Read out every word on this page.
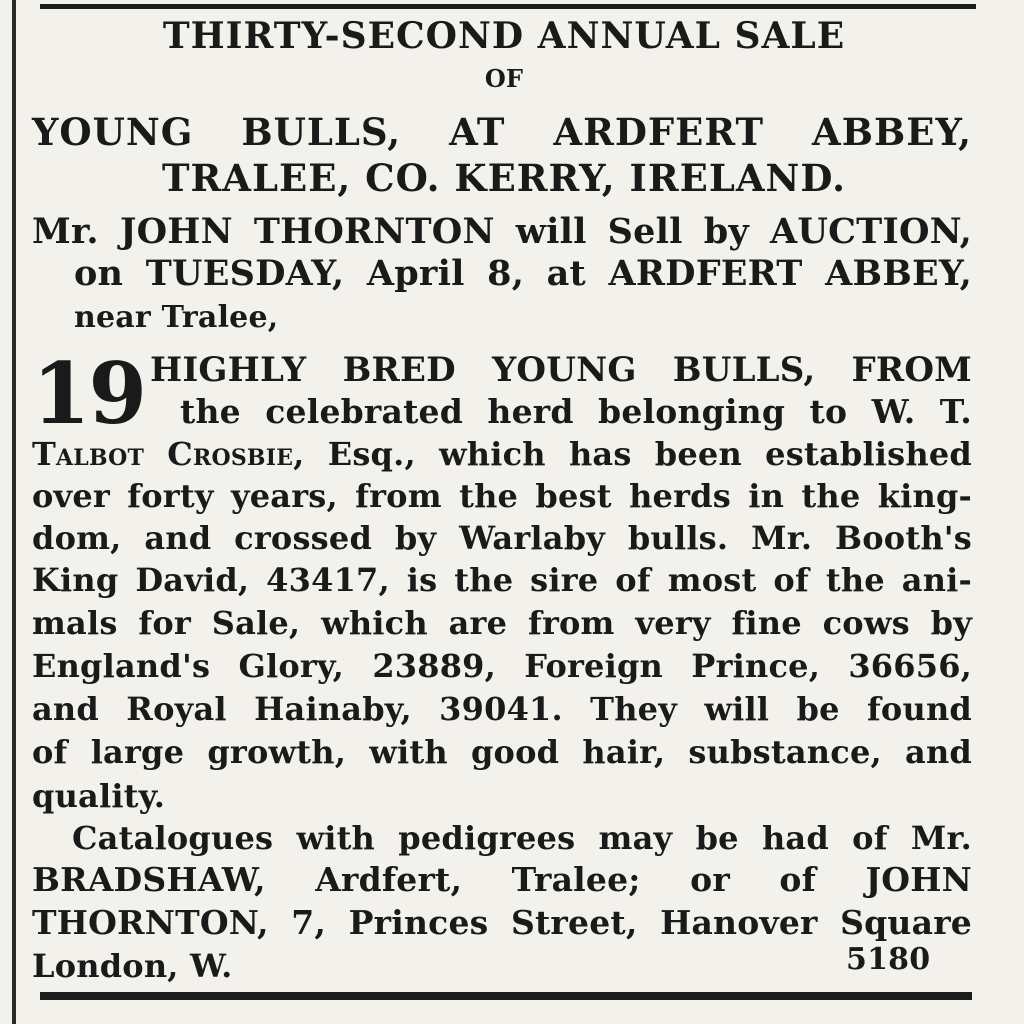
THIRTY-SECOND ANNUAL SALE
OF
YOUNG BULLS, AT ARDFERT ABBEY,
TRALEE, CO. KERRY, IRELAND.
Mr. JOHN THORNTON will Sell by AUCTION,
on TUESDAY, April 8, at ARDFERT ABBEY,
near Tralee,
19 HIGHLY BRED YOUNG BULLS, FROM
the celebrated herd belonging to W. T.
Talbot Crosbie, Esq., which has been established
over forty years, from the best herds in the king-
dom, and crossed by Warlaby bulls. Mr. Booth's
King David, 43417, is the sire of most of the ani-
mals for Sale, which are from very fine cows by
England's Glory, 23889, Foreign Prince, 36656,
and Royal Hainaby, 39041. They will be found
of large growth, with good hair, substance, and
quality.
Catalogues with pedigrees may be had of Mr.
BRADSHAW, Ardfert, Tralee; or of JOHN
THORNTON, 7, Princes Street, Hanover Square
London, W.	5180
